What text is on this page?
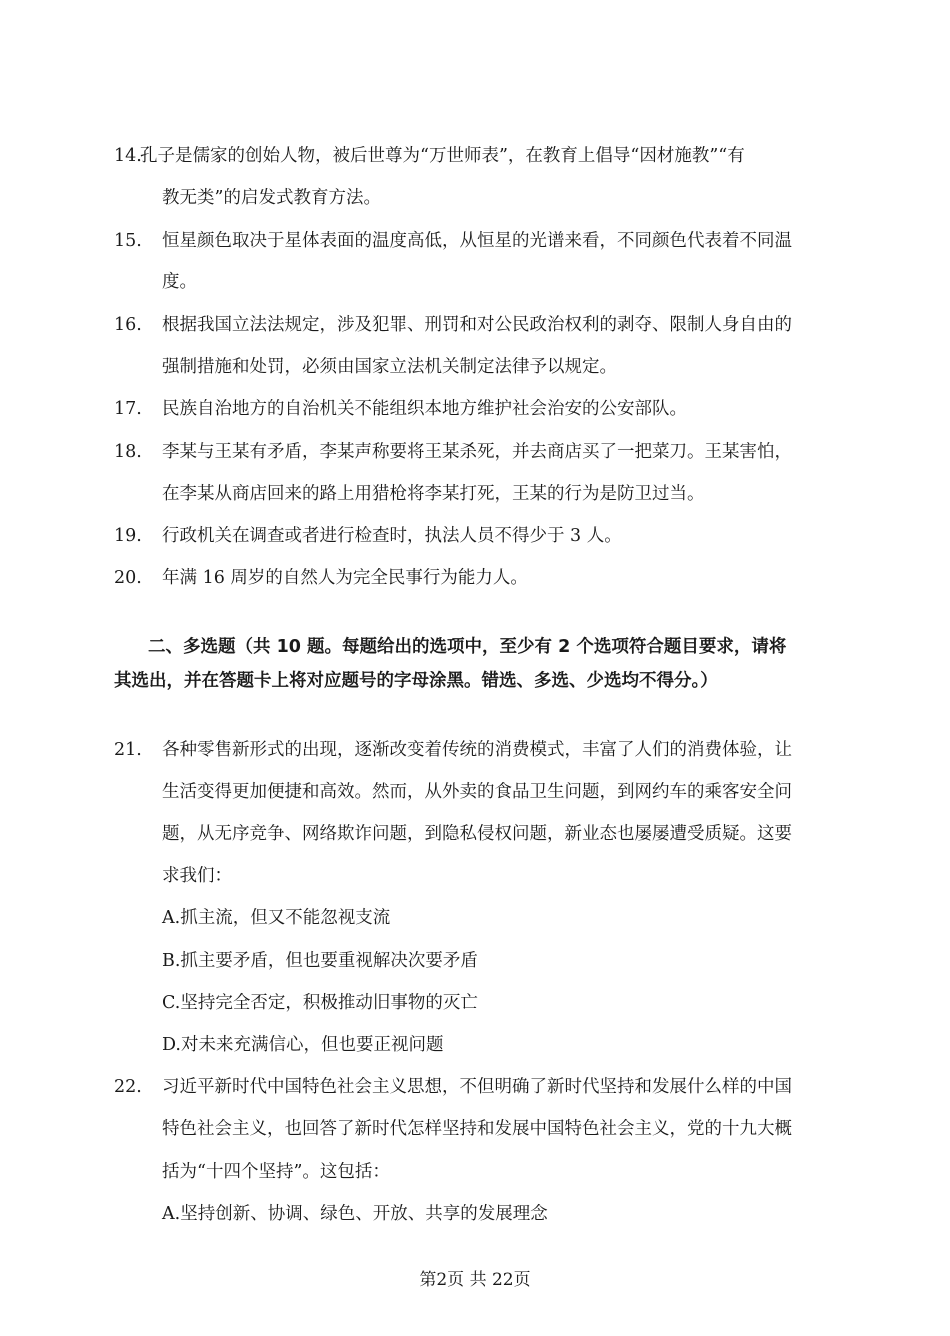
14.
孔子是儒家的创始人物，被后世尊为“万世师表”，在教育上倡导“因材施教”“有
教无类”的启发式教育方法。
15. 恒星颜色取决于星体表面的温度高低，从恒星的光谱来看，不同颜色代表着不同温
度。
16. 根据我国立法法规定，涉及犯罪、刑罚和对公民政治权利的剥夺、限制人身自由的
强制措施和处罚，必须由国家立法机关制定法律予以规定。
17. 民族自治地方的自治机关不能组织本地方维护社会治安的公安部队。
18. 李某与王某有矛盾，李某声称要将王某杀死，并去商店买了一把菜刀。王某害怕，
在李某从商店回来的路上用猎枪将李某打死，王某的行为是防卫过当。
19. 行政机关在调查或者进行检查时，执法人员不得少于 3 人。
20. 年满 16 周岁的自然人为完全民事行为能力人。
二、多选题（共 10 题。每题给出的选项中，至少有 2 个选项符合题目要求，请将
其选出，并在答题卡上将对应题号的字母涂黑。错选、多选、少选均不得分。）
21. 各种零售新形式的出现，逐渐改变着传统的消费模式，丰富了人们的消费体验，让
生活变得更加便捷和高效。然而，从外卖的食品卫生问题，到网约车的乘客安全问
题，从无序竞争、网络欺诈问题，到隐私侵权问题，新业态也屡屡遭受质疑。这要
求我们：
A.抓主流，但又不能忽视支流
B.抓主要矛盾，但也要重视解决次要矛盾
C.坚持完全否定，积极推动旧事物的灭亡
D.对未来充满信心，但也要正视问题
22. 习近平新时代中国特色社会主义思想，不但明确了新时代坚持和发展什么样的中国
特色社会主义，也回答了新时代怎样坚持和发展中国特色社会主义，党的十九大概
括为“十四个坚持”。这包括：
A.坚持创新、协调、绿色、开放、共享的发展理念
第2页 共 22页
